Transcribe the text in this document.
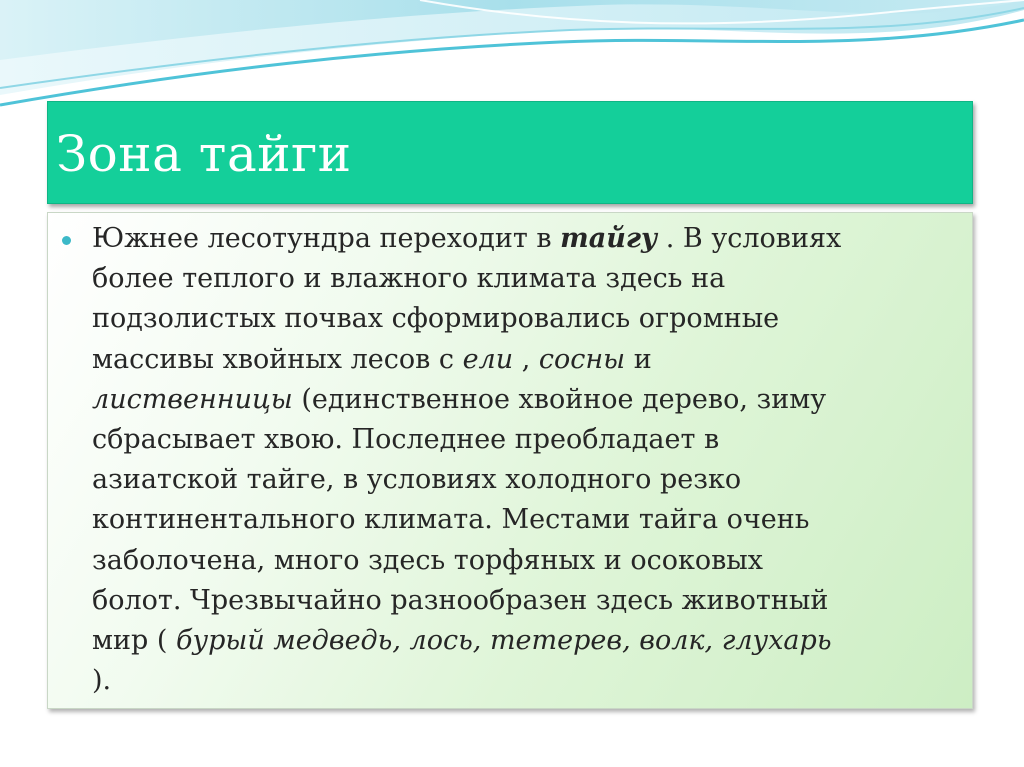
Зона тайги

Южнее лесотундра переходит в тайгу . В условиях
более теплого и влажного климата здесь на
подзолистых почвах сформировались огромные
массивы хвойных лесов с ели , сосны и
лиственницы (единственное хвойное дерево, зиму
сбрасывает хвою. Последнее преобладает в
азиатской тайге, в условиях холодного резко
континентального климата. Местами тайга очень
заболочена, много здесь торфяных и осоковых
болот. Чрезвычайно разнообразен здесь животный
мир ( бурый медведь, лось, тетерев, волк, глухарь
).
